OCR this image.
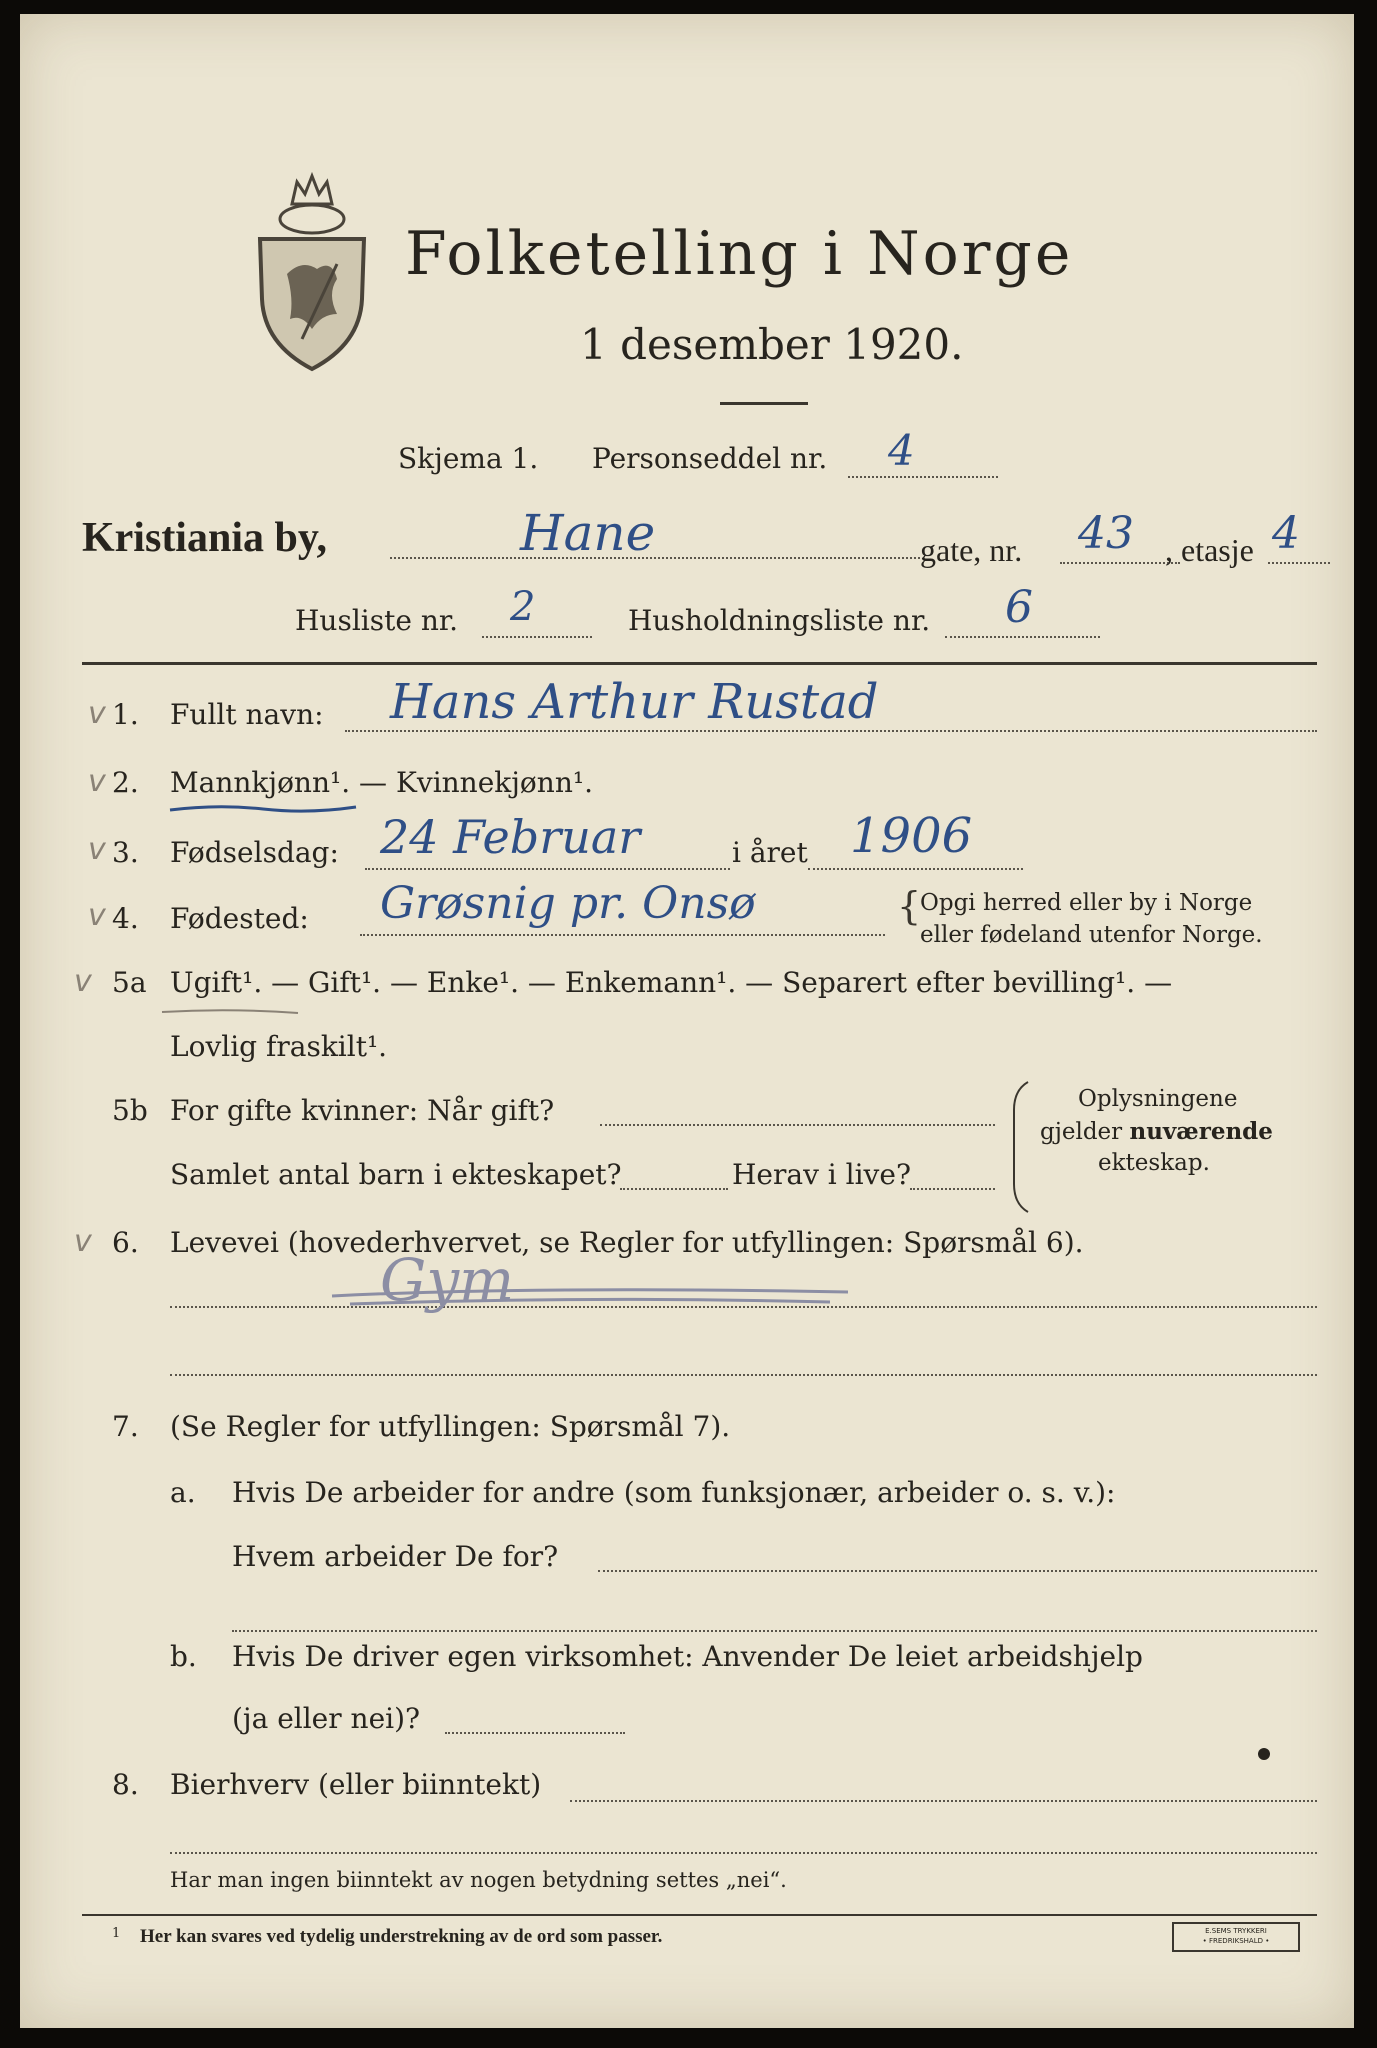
Folketelling i Norge
1 desember 1920.
Skjema 1. Personseddel nr. 4
Kristiania by,	Hane	gate, nr. 43 , etasje 4
Husliste nr. 2	Husholdningsliste nr. 6
v 1. Fullt navn: Hans Arthur Rustad
v 2. Mannkjønn¹. — Kvinnekjønn¹.
v 3. Fødselsdag: 24 Februar	i året 1906
v 4. Fødested: Grøsnig pr. Onsø	{
Opgi herred eller by i Norge
eller fødeland utenfor Norge.
v 5a Ugift¹. — Gift¹. — Enke¹. — Enkemann¹. — Separert efter bevilling¹. —
Lovlig fraskilt¹.
5b For gifte kvinner: Når gift?
Samlet antal barn i ekteskapet?	Herav i live?
Oplysningene
gjelder nuværende
ekteskap.
v 6. Levevei (hovederhvervet, se Regler for utfyllingen: Spørsmål 6).
Gym
7. (Se Regler for utfyllingen: Spørsmål 7).
a. Hvis De arbeider for andre (som funksjonær, arbeider o. s. v.):
Hvem arbeider De for?
b. Hvis De driver egen virksomhet: Anvender De leiet arbeidshjelp
(ja eller nei)?
8. Bierhverv (eller biinntekt)
Har man ingen biinntekt av nogen betydning settes „nei“.
1 Her kan svares ved tydelig understrekning av de ord som passer.	E.SEMS TRYKKERI
• FREDRIKSHALD •
